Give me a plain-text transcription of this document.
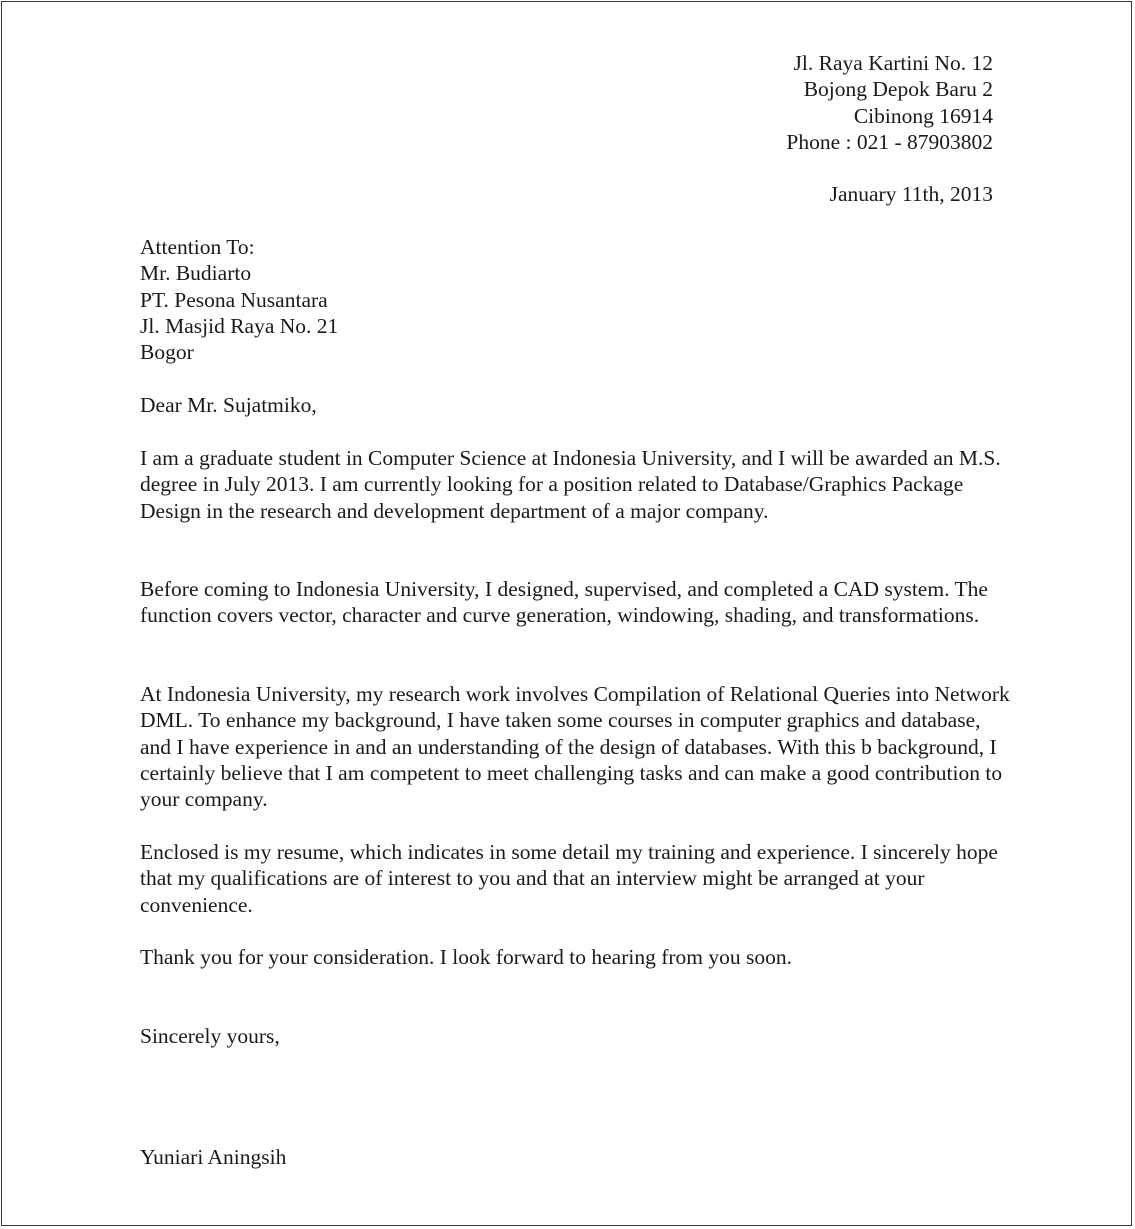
Jl. Raya Kartini No. 12
Bojong Depok Baru 2
Cibinong 16914
Phone : 021 - 87903802
January 11th, 2013
Attention To:
Mr. Budiarto
PT. Pesona Nusantara
Jl. Masjid Raya No. 21
Bogor
Dear Mr. Sujatmiko,

I am a graduate student in Computer Science at Indonesia University, and I will be awarded an M.S. degree in July 2013. I am currently looking for a position related to Database/Graphics Package Design in the research and development department of a major company.

Before coming to Indonesia University, I designed, supervised, and completed a CAD system. The function covers vector, character and curve generation, windowing, shading, and transformations.

At Indonesia University, my research work involves Compilation of Relational Queries into Network DML. To enhance my background, I have taken some courses in computer graphics and database, and I have experience in and an understanding of the design of databases. With this b background, I certainly believe that I am competent to meet challenging tasks and can make a good contribution to your company.

Enclosed is my resume, which indicates in some detail my training and experience. I sincerely hope that my qualifications are of interest to you and that an interview might be arranged at your convenience.

Thank you for your consideration. I look forward to hearing from you soon.

Sincerely yours,
Yuniari Aningsih
